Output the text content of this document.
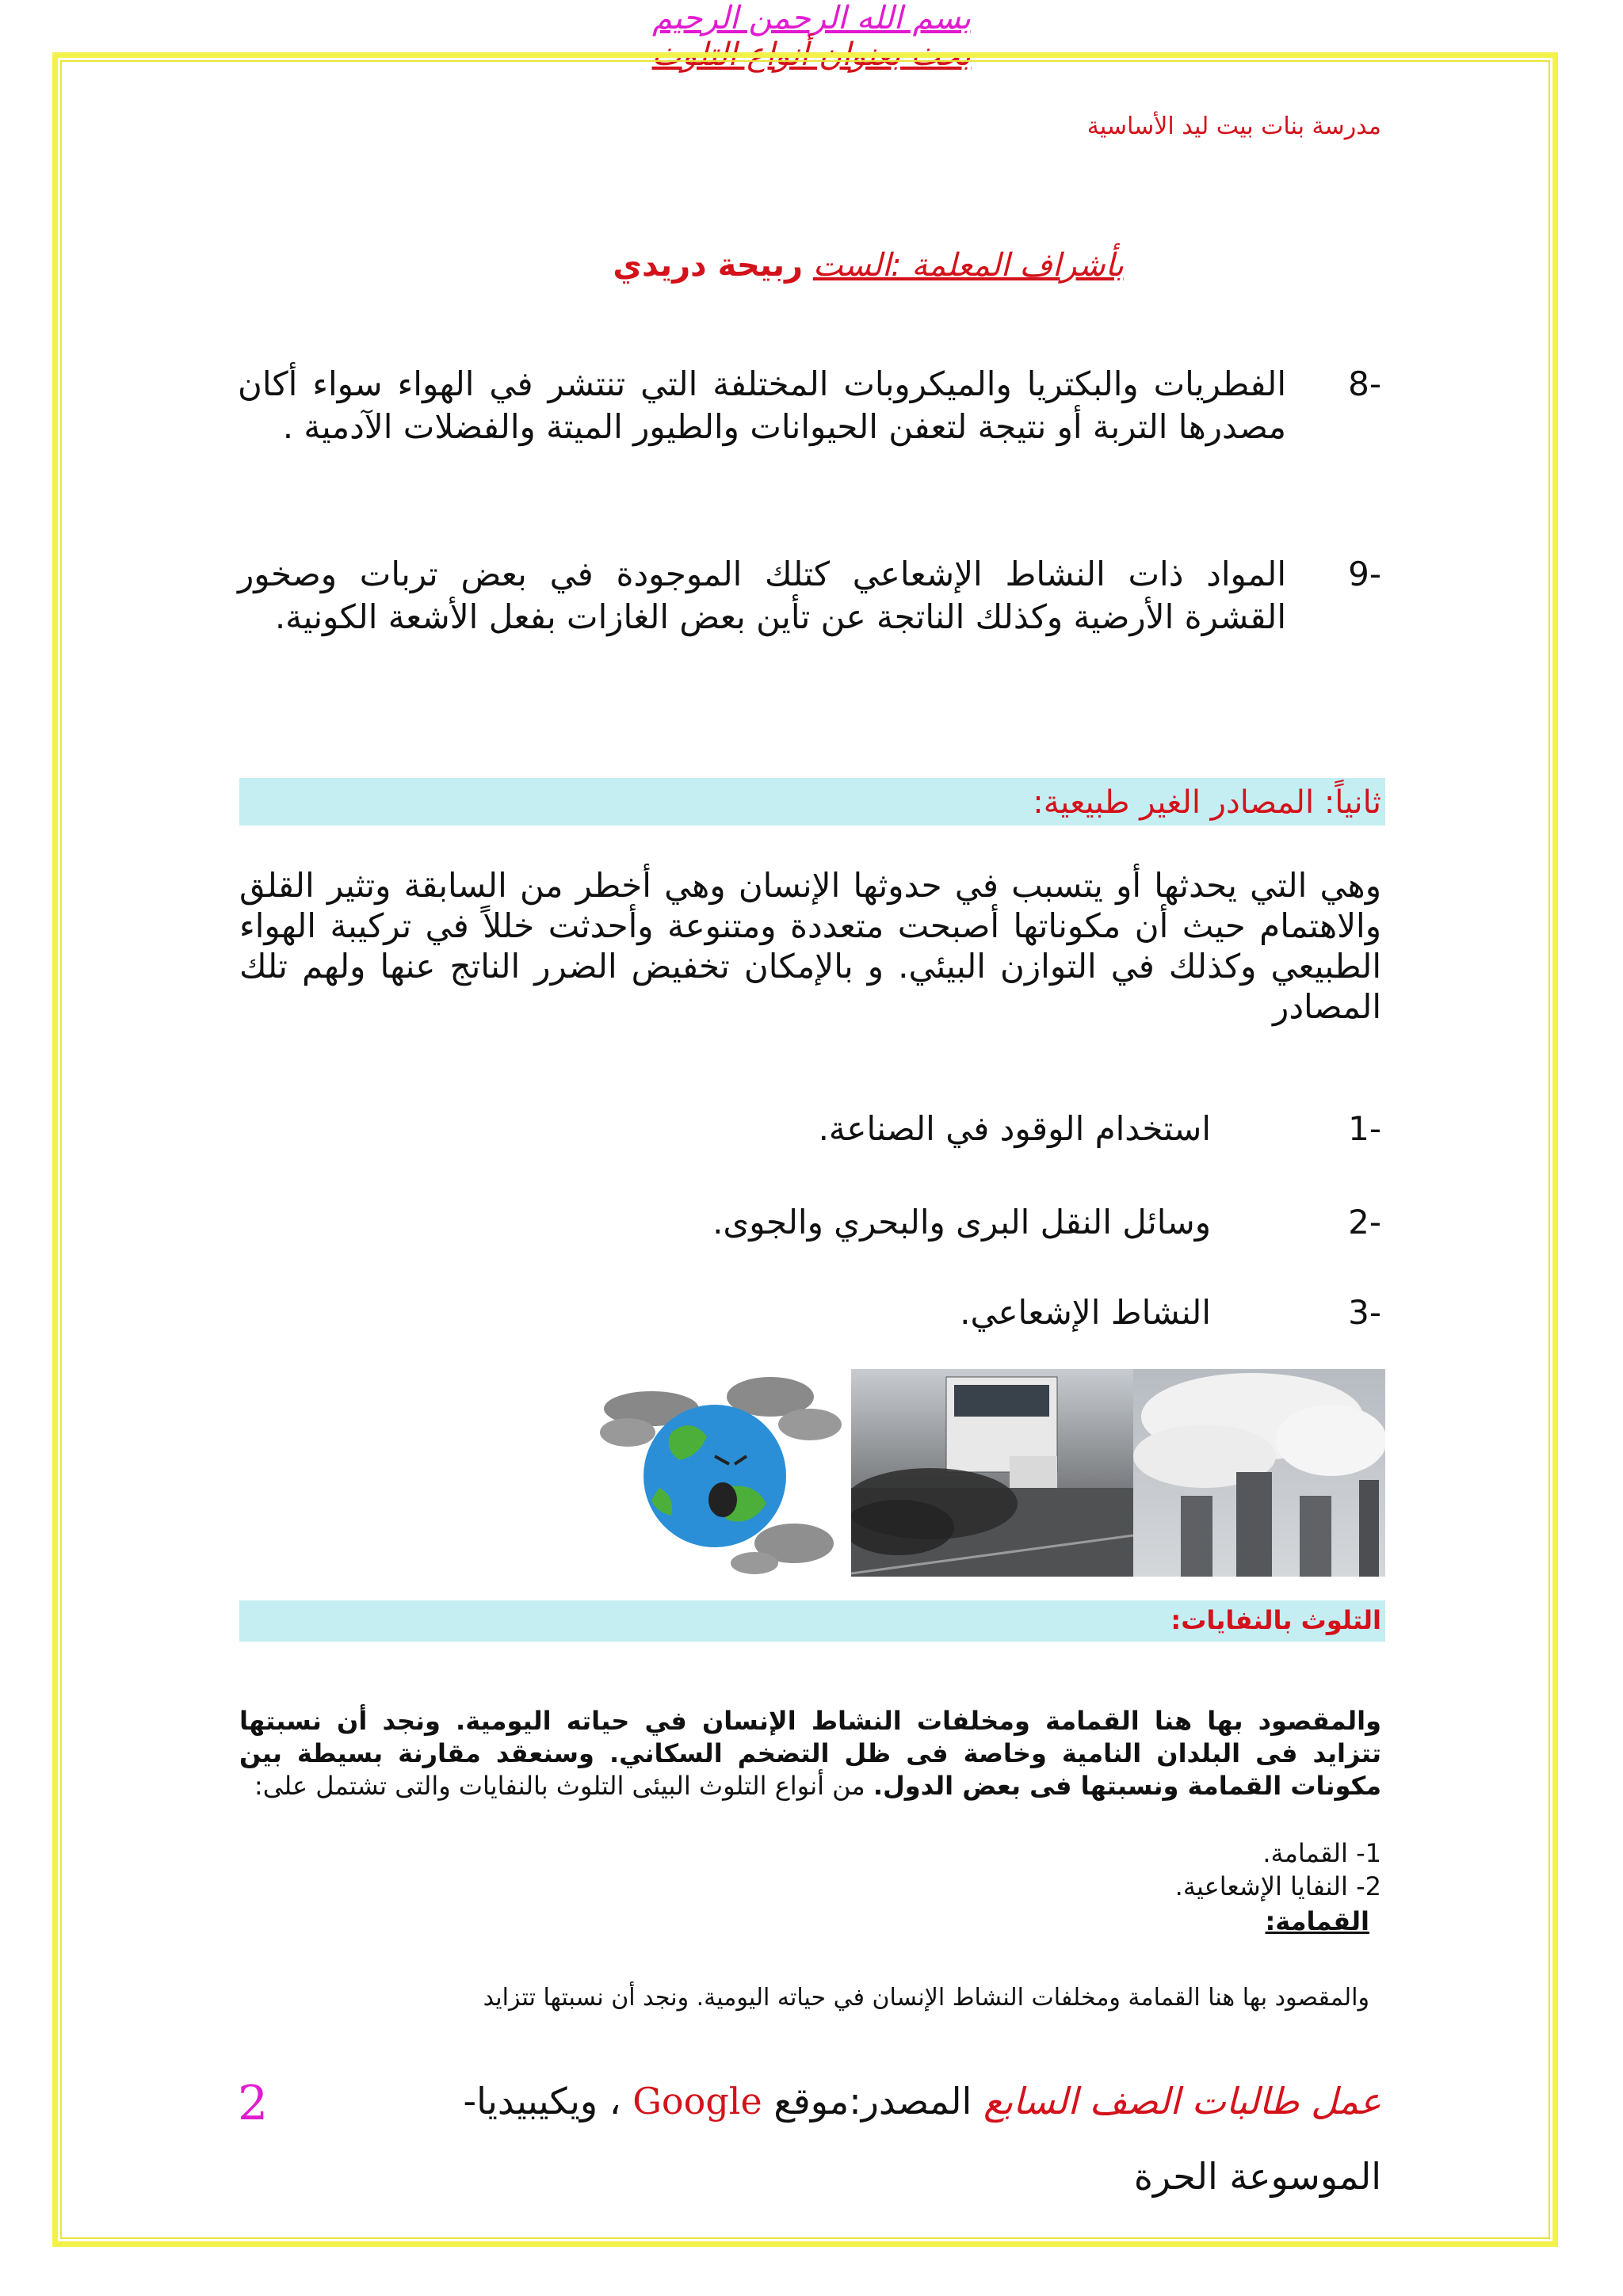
مدرسة بنات بيت ليد الأساسية
بسم الله الرحمن الرحيم
بحث بعنوان أنواع التلوث
بأشراف المعلمة :الست ربيحة دريدي
-8
الفطريات والبكتريا والميكروبات المختلفة التي تنتشر في الهواء سواء أكان مصدرها التربة أو نتيجة لتعفن الحيوانات والطيور الميتة والفضلات الآدمية .
-9
المواد ذات النشاط الإشعاعي كتلك الموجودة في بعض تربات وصخور القشرة الأرضية وكذلك الناتجة عن تأين بعض الغازات بفعل الأشعة الكونية.
ثانياً: المصادر الغير طبيعية:
وهي التي يحدثها أو يتسبب في حدوثها الإنسان وهي أخطر من السابقة وتثير القلق والاهتمام حيث أن مكوناتها أصبحت متعددة ومتنوعة وأحدثت خللاً في تركيبة الهواء الطبيعي وكذلك في التوازن البيئي. و بالإمكان تخفيض الضرر الناتج عنها ولهم تلك المصادر
-1
استخدام الوقود في الصناعة.
-2
وسائل النقل البرى والبحري والجوى.
-3
النشاط الإشعاعي.
التلوث بالنفايات:
والمقصود بها هنا القمامة ومخلفات النشاط الإنسان في حياته اليومية. ونجد أن نسبتها تتزايد فى البلدان النامية وخاصة فى ظل التضخم السكاني. وسنعقد مقارنة بسيطة بين مكونات القمامة ونسبتها فى بعض الدول. من أنواع التلوث البيئى التلوث بالنفايات والتى تشتمل على:
1- القمامة.
2- النفايا الإشعاعية.
القمامة:
والمقصود بها هنا القمامة ومخلفات النشاط الإنسان في حياته اليومية. ونجد أن نسبتها تتزايد
2	عمل طالبات الصف السابع المصدر:موقع Google ، ويكيبيديا-
الموسوعة الحرة
